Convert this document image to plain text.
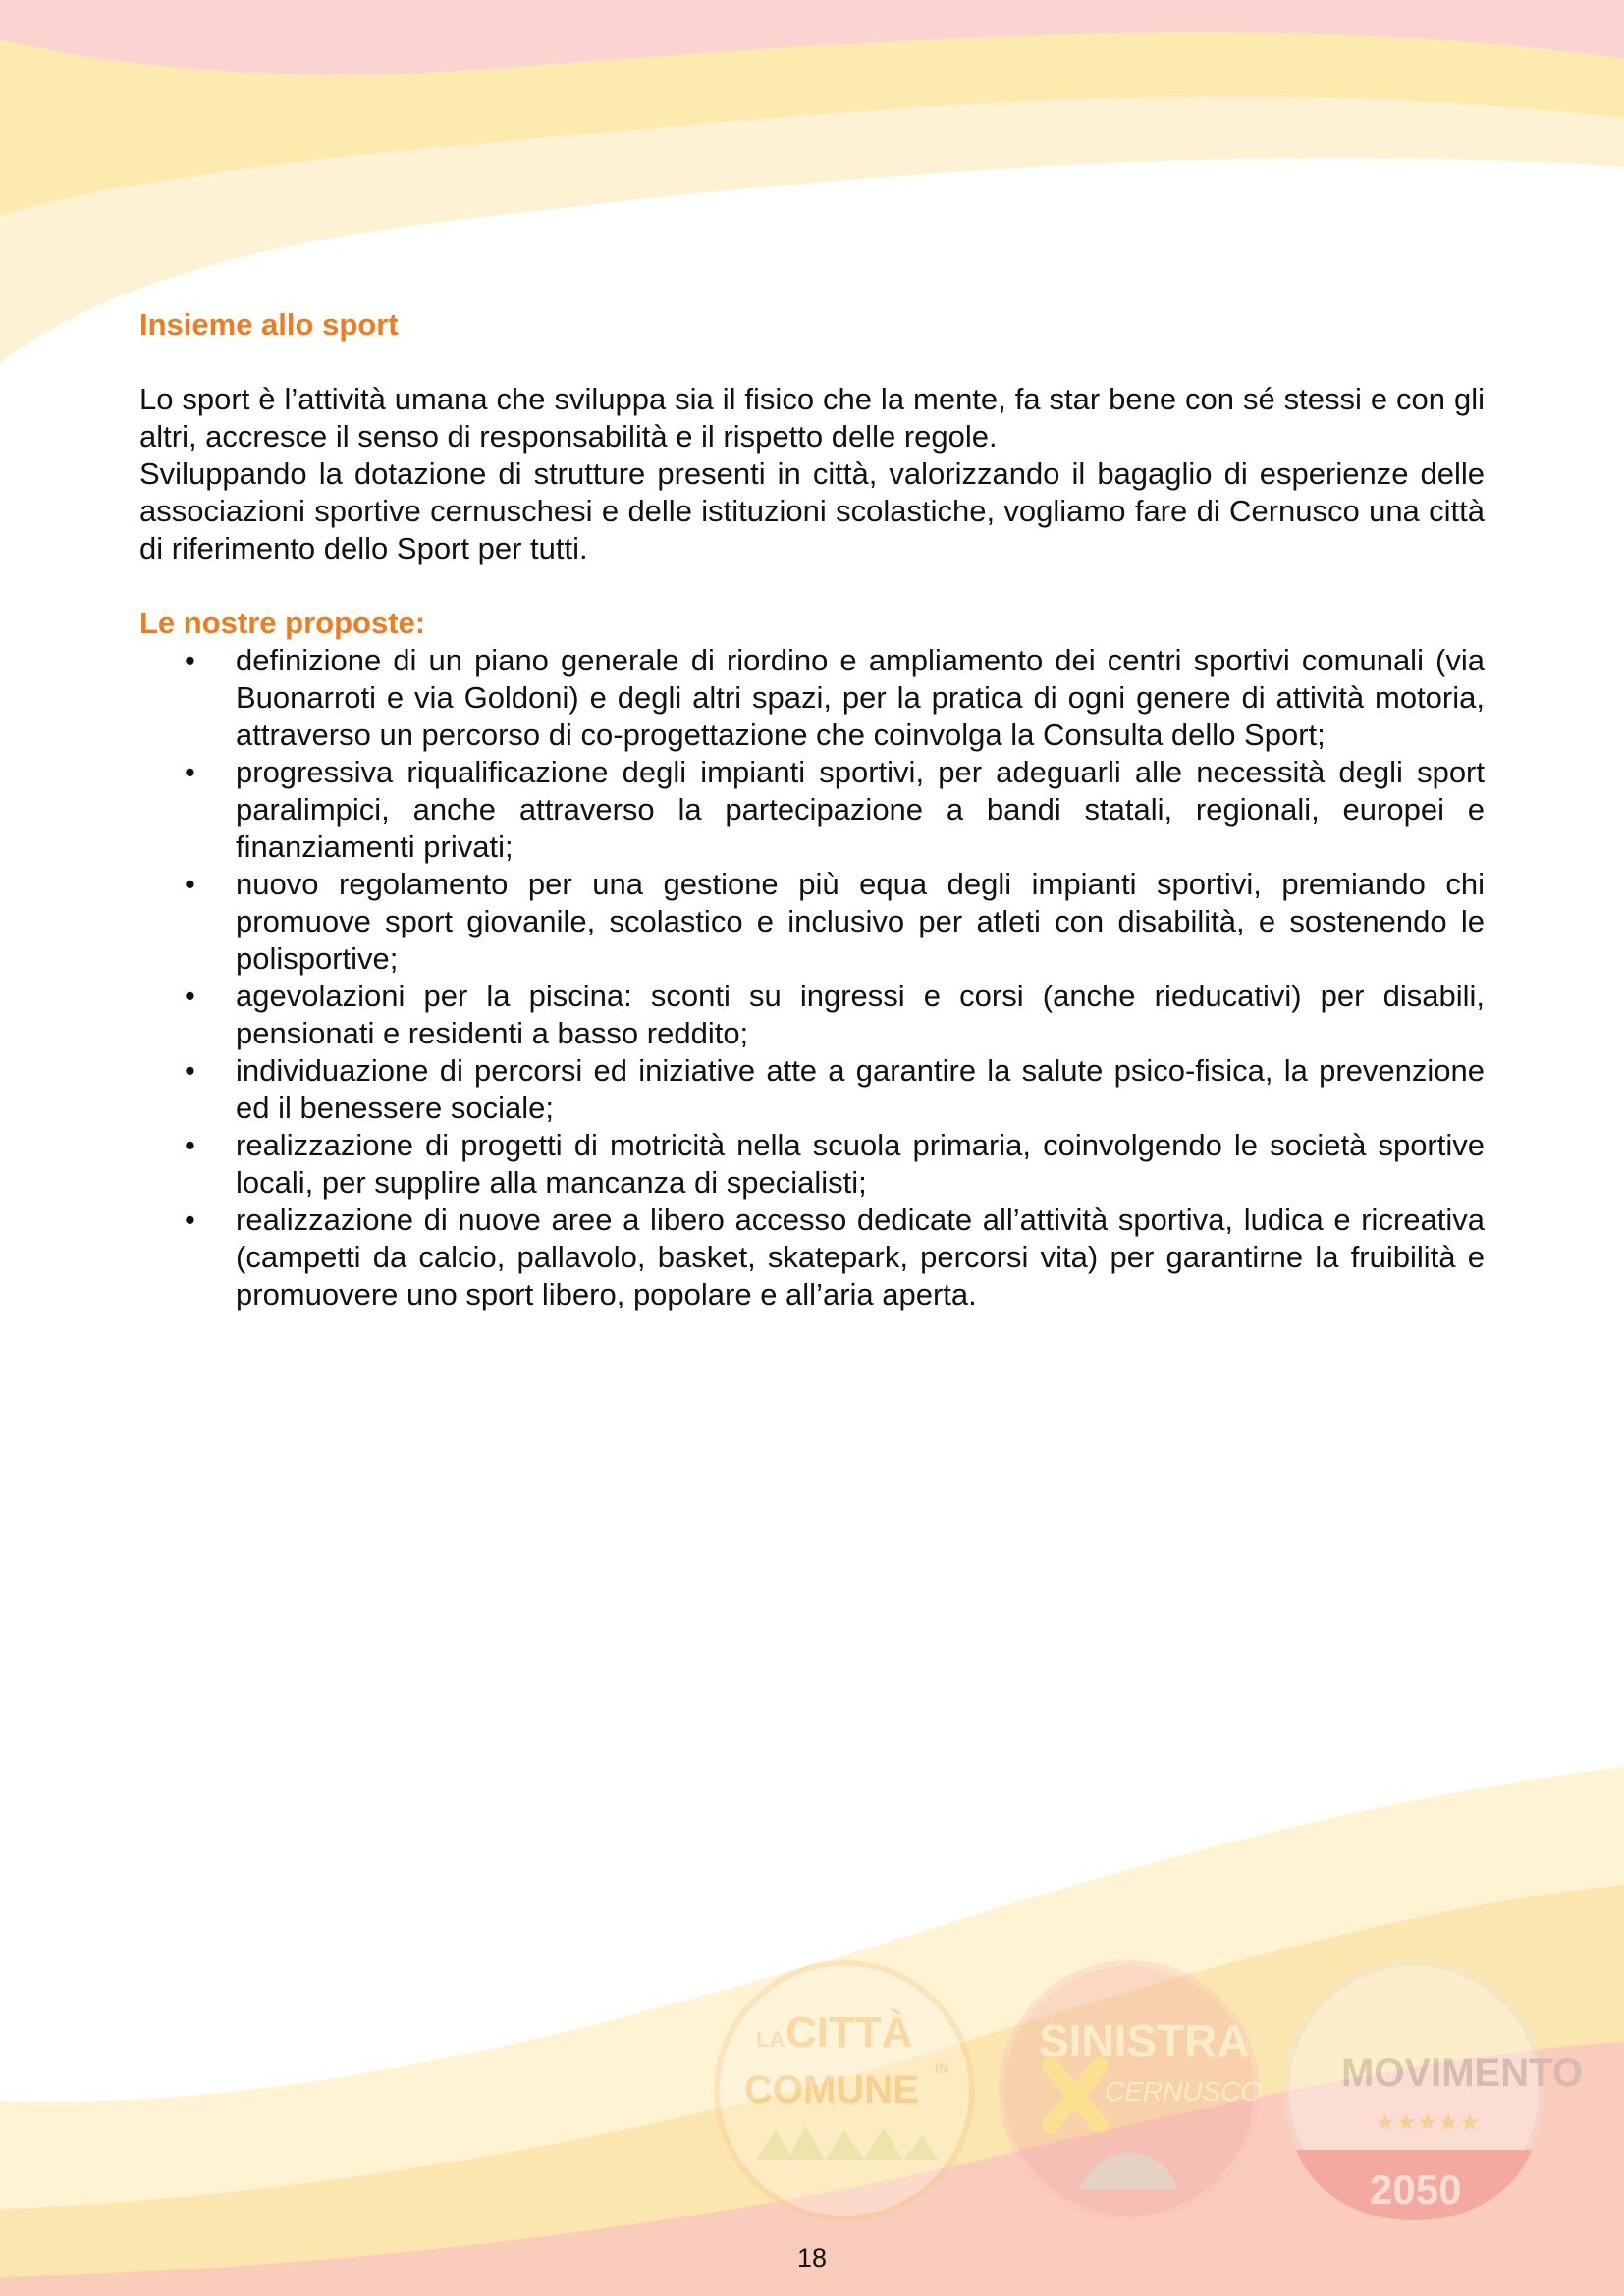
Insieme allo sport

Lo sport è l’attività umana che sviluppa sia il fisico che la mente, fa star bene con sé stessi e con gli altri, accresce il senso di responsabilità e il rispetto delle regole.

Sviluppando la dotazione di strutture presenti in città, valorizzando il bagaglio di esperienze delle associazioni sportive cernuschesi e delle istituzioni scolastiche, vogliamo fare di Cernusco una città di riferimento dello Sport per tutti.

Le nostre proposte:
• definizione di un piano generale di riordino e ampliamento dei centri sportivi comunali (via Buonarroti e via Goldoni) e degli altri spazi, per la pratica di ogni genere di attività motoria, attraverso un percorso di co-progettazione che coinvolga la Consulta dello Sport;
• progressiva riqualificazione degli impianti sportivi, per adeguarli alle necessità degli sport paralimpici, anche attraverso la partecipazione a bandi statali, regionali, europei e finanziamenti privati;
• nuovo regolamento per una gestione più equa degli impianti sportivi, premiando chi promuove sport giovanile, scolastico e inclusivo per atleti con disabilità, e sostenendo le polisportive;
• agevolazioni per la piscina: sconti su ingressi e corsi (anche rieducativi) per disabili, pensionati e residenti a basso reddito;
• individuazione di percorsi ed iniziative atte a garantire la salute psico-fisica, la prevenzione ed il benessere sociale;
• realizzazione di progetti di motricità nella scuola primaria, coinvolgendo le società sportive locali, per supplire alla mancanza di specialisti;
• realizzazione di nuove aree a libero accesso dedicate all’attività sportiva, ludica e ricreativa (campetti da calcio, pallavolo, basket, skatepark, percorsi vita) per garantirne la fruibilità e promuovere uno sport libero, popolare e all’aria aperta.
LA CITTÀ
IN
COMUNE
SINISTRA
CERNUSCO MOVIMENTO
★★★★★
2050
18
